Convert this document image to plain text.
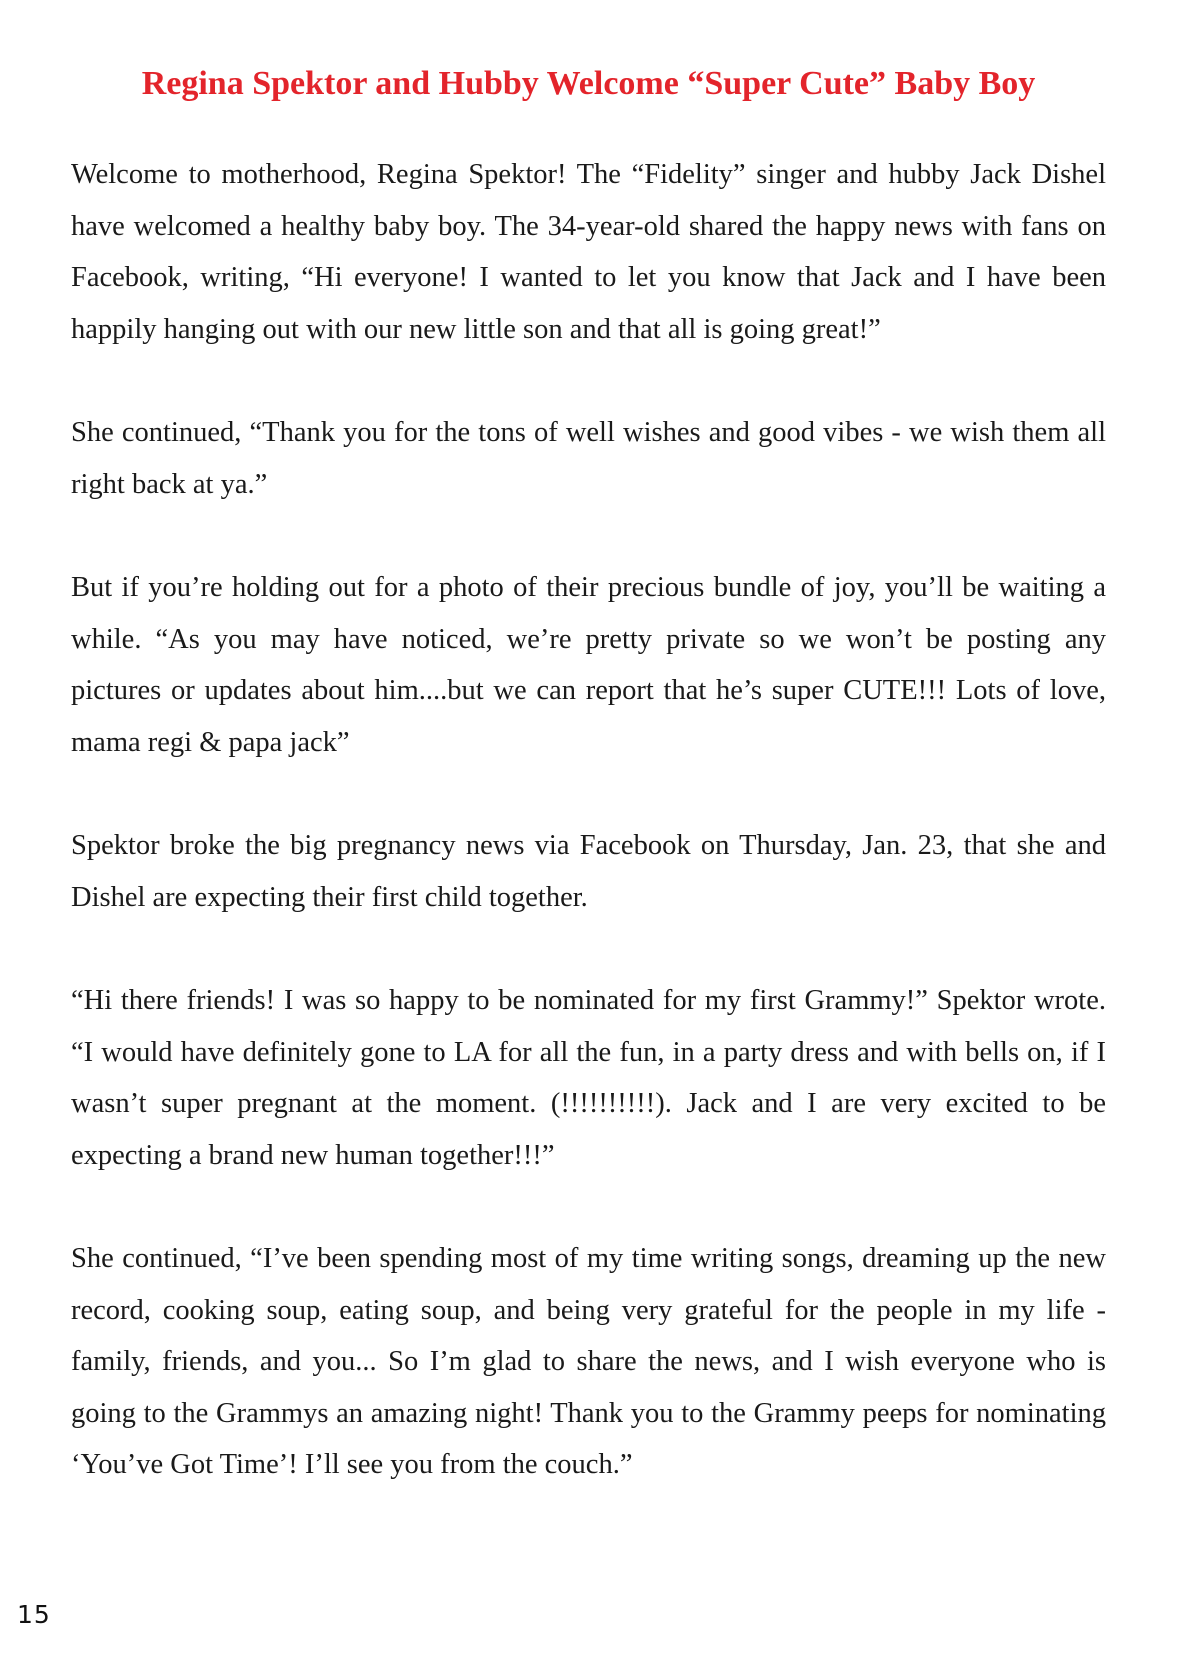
Regina Spektor and Hubby Welcome “Super Cute” Baby Boy

Welcome to motherhood, Regina Spektor! The “Fidelity” singer and hubby Jack Dishel have welcomed a healthy baby boy. The 34-year-old shared the happy news with fans on Facebook, writing, “Hi everyone! I wanted to let you know that Jack and I have been happily hanging out with our new little son and that all is going great!”

She continued, “Thank you for the tons of well wishes and good vibes - we wish them all right back at ya.”

But if you’re holding out for a photo of their precious bundle of joy, you’ll be waiting a while. “As you may have noticed, we’re pretty private so we won’t be posting any pictures or updates about him....but we can report that he’s super CUTE!!! Lots of love, mama regi & papa jack”

Spektor broke the big pregnancy news via Facebook on Thursday, Jan. 23, that she and Dishel are expecting their first child together.

“Hi there friends! I was so happy to be nominated for my first Grammy!” Spektor wrote. “I would have definitely gone to LA for all the fun, in a party dress and with bells on, if I wasn’t super pregnant at the moment. (!!!!!!!!!!). Jack and I are very excited to be expecting a brand new human together!!!”

She continued, “I’ve been spending most of my time writing songs, dreaming up the new record, cooking soup, eating soup, and being very grateful for the people in my life - family, friends, and you... So I’m glad to share the news, and I wish everyone who is going to the Grammys an amazing night! Thank you to the Grammy peeps for nominating ‘You’ve Got Time’! I’ll see you from the couch.”

15
